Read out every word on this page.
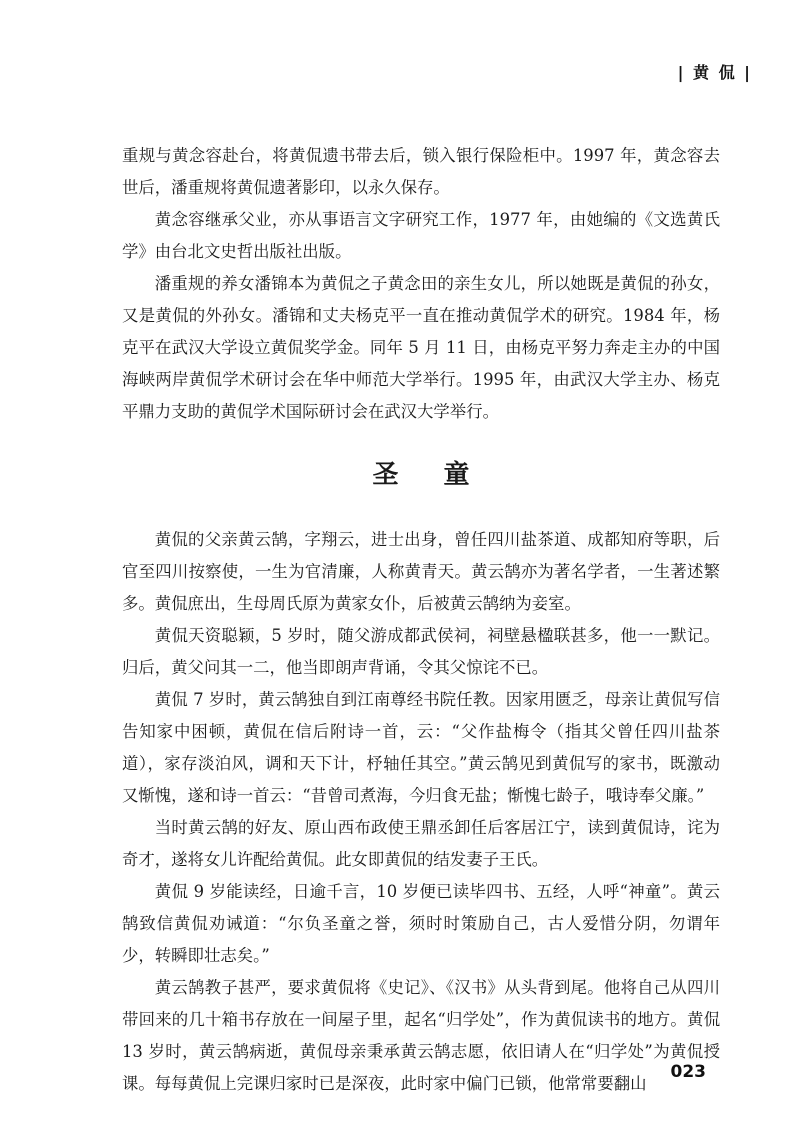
| 黄 侃 |

重规与黄念容赴台，将黄侃遗书带去后，锁入银行保险柜中。1997 年，黄念容去世后，潘重规将黄侃遗著影印，以永久保存。

黄念容继承父业，亦从事语言文字研究工作，1977 年，由她编的《文选黄氏学》由台北文史哲出版社出版。

潘重规的养女潘锦本为黄侃之子黄念田的亲生女儿，所以她既是黄侃的孙女，又是黄侃的外孙女。潘锦和丈夫杨克平一直在推动黄侃学术的研究。1984 年，杨克平在武汉大学设立黄侃奖学金。同年 5 月 11 日，由杨克平努力奔走主办的中国海峡两岸黄侃学术研讨会在华中师范大学举行。1995 年，由武汉大学主办、杨克平鼎力支助的黄侃学术国际研讨会在武汉大学举行。

圣 童

黄侃的父亲黄云鹄，字翔云，进士出身，曾任四川盐茶道、成都知府等职，后官至四川按察使，一生为官清廉，人称黄青天。黄云鹄亦为著名学者，一生著述繁多。黄侃庶出，生母周氏原为黄家女仆，后被黄云鹄纳为妾室。

黄侃天资聪颖，5 岁时，随父游成都武侯祠，祠壁悬楹联甚多，他一一默记。归后，黄父问其一二，他当即朗声背诵，令其父惊诧不已。

黄侃 7 岁时，黄云鹄独自到江南尊经书院任教。因家用匮乏，母亲让黄侃写信告知家中困顿，黄侃在信后附诗一首，云：“父作盐梅令（指其父曾任四川盐茶道），家存淡泊风，调和天下计，杼轴任其空。”黄云鹄见到黄侃写的家书，既激动又惭愧，遂和诗一首云：“昔曾司煮海，今归食无盐；惭愧七龄子，哦诗奉父廉。”

当时黄云鹄的好友、原山西布政使王鼎丞卸任后客居江宁，读到黄侃诗，诧为奇才，遂将女儿许配给黄侃。此女即黄侃的结发妻子王氏。

黄侃 9 岁能读经，日逾千言，10 岁便已读毕四书、五经，人呼“神童”。黄云鹄致信黄侃劝诫道：“尔负圣童之誉，须时时策励自己，古人爱惜分阴，勿谓年少，转瞬即壮志矣。”

黄云鹄教子甚严，要求黄侃将《史记》、《汉书》从头背到尾。他将自己从四川带回来的几十箱书存放在一间屋子里，起名“归学处”，作为黄侃读书的地方。黄侃 13 岁时，黄云鹄病逝，黄侃母亲秉承黄云鹄志愿，依旧请人在“归学处”为黄侃授课。每每黄侃上完课归家时已是深夜，此时家中偏门已锁，他常常要翻山

023
